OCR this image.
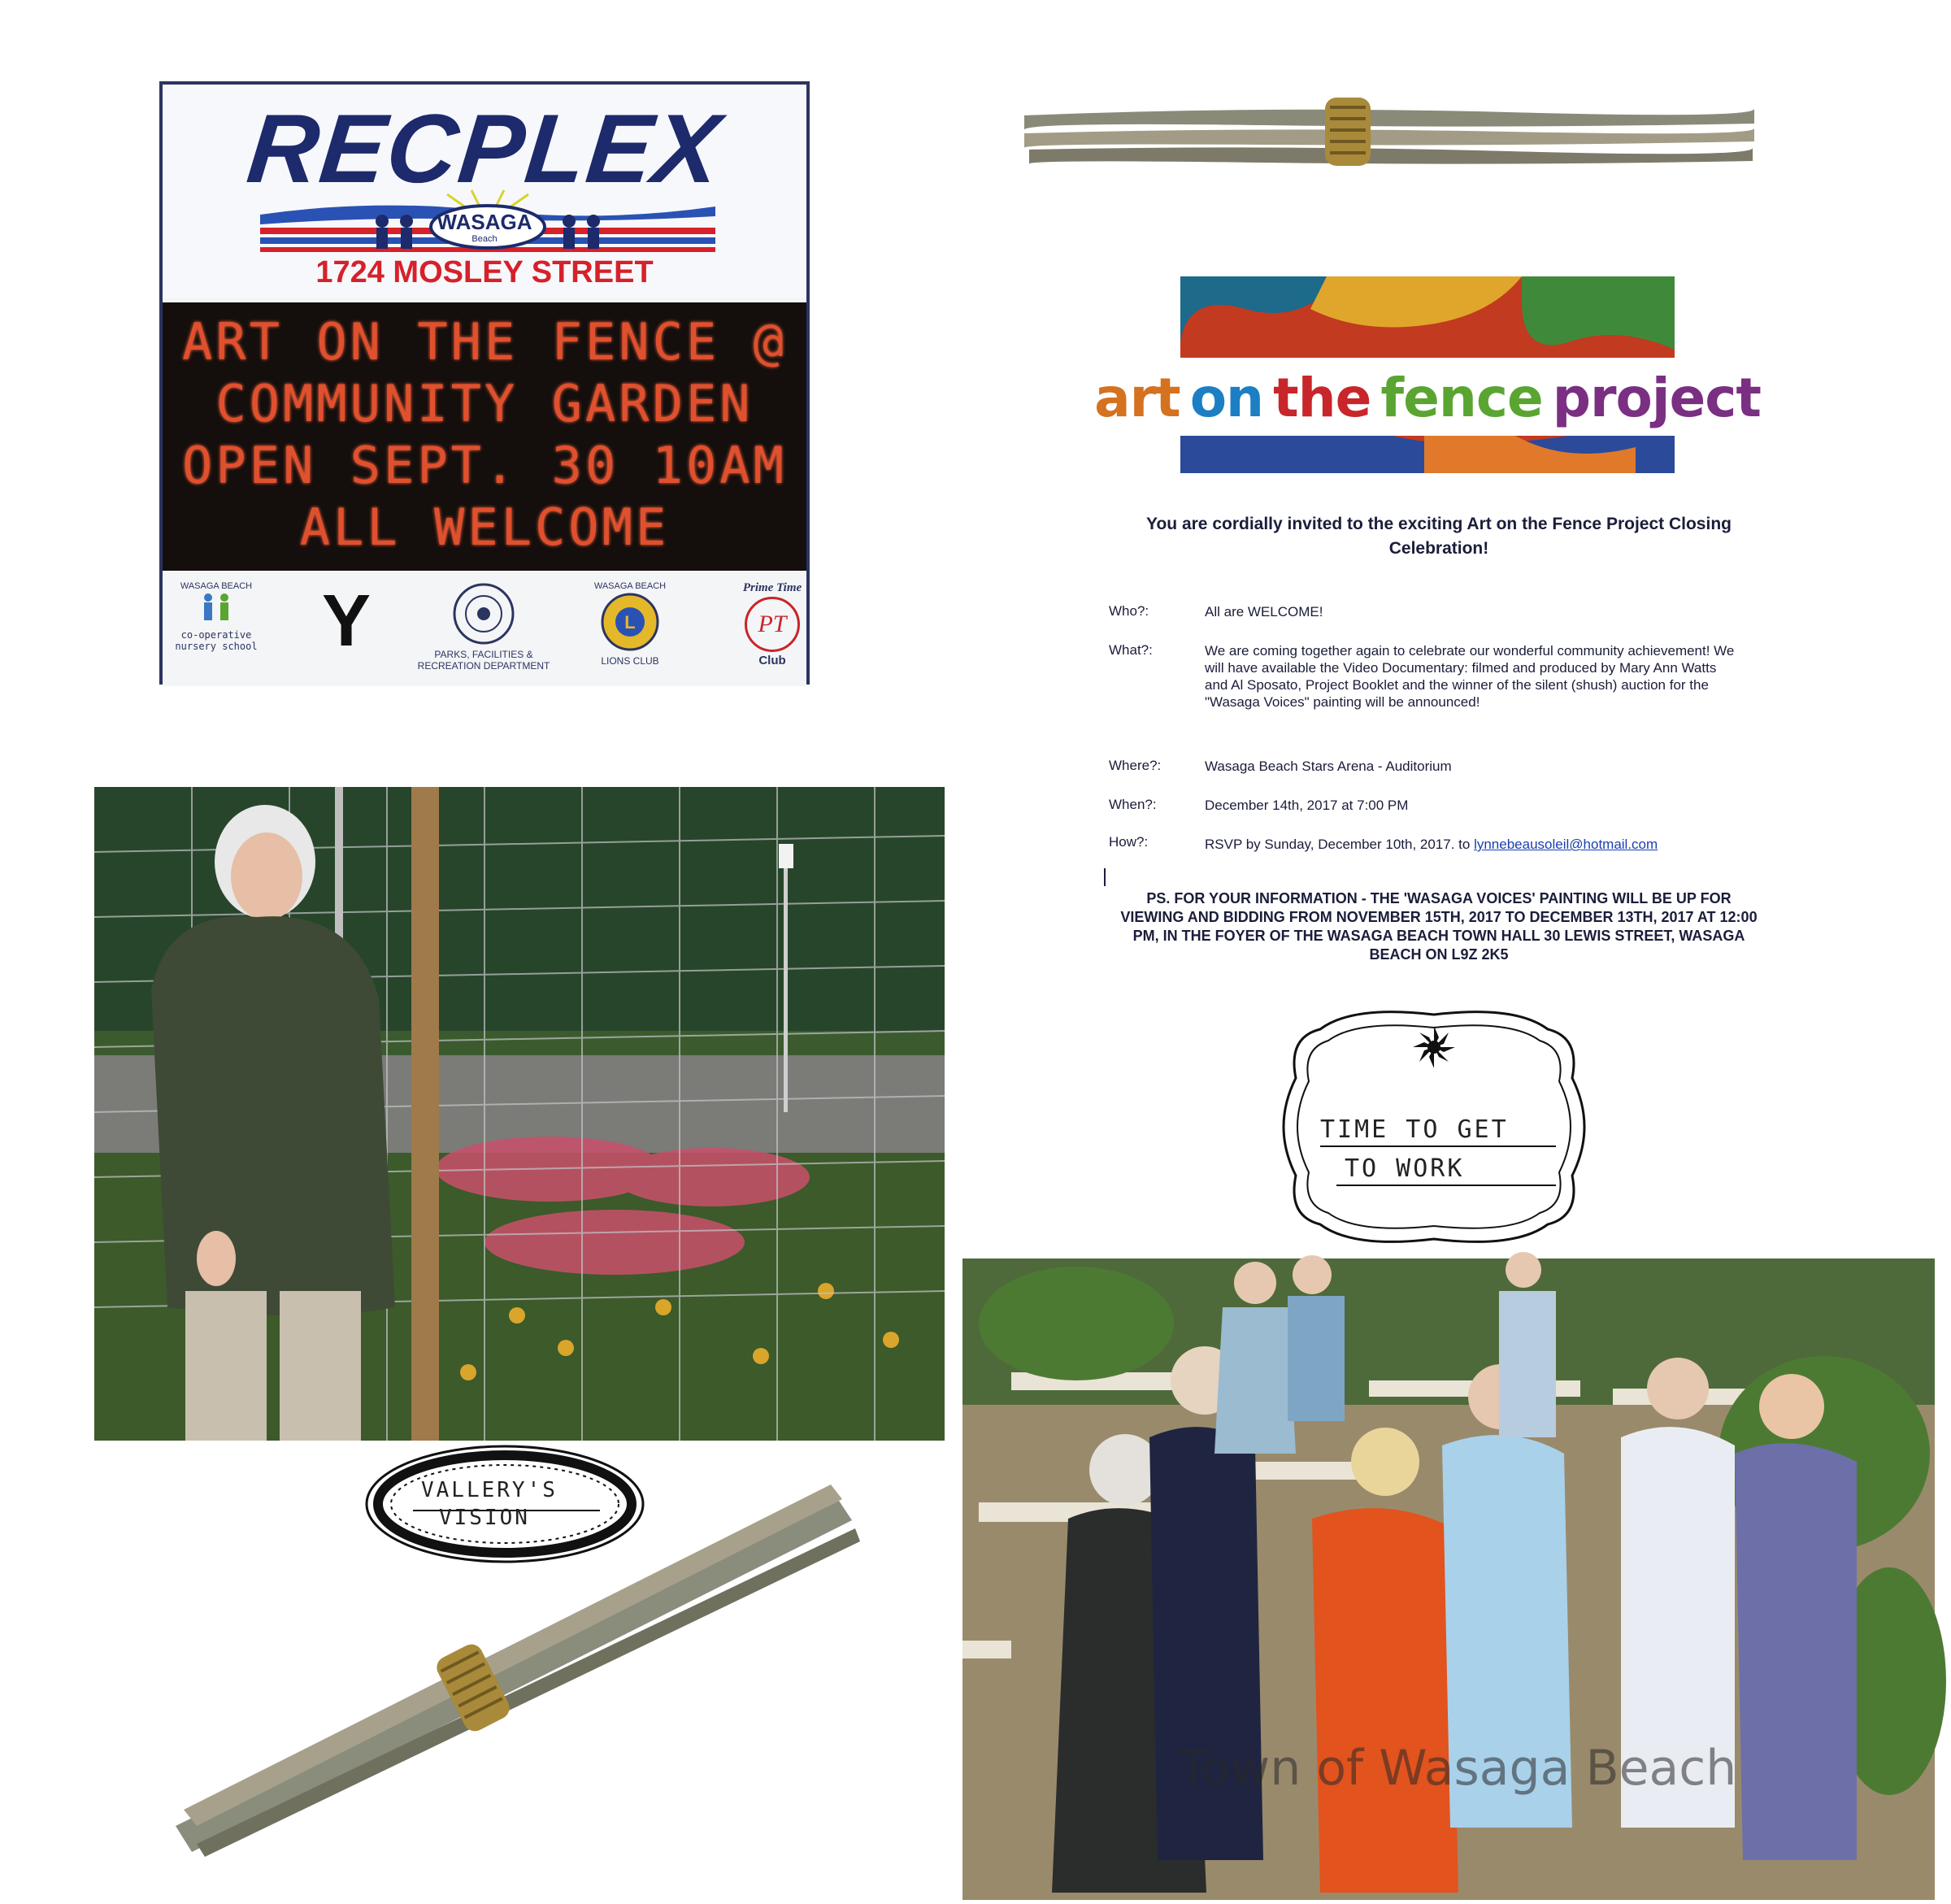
RECPLEX
WASAGA
Beach
1724 MOSLEY STREET
ART ON THE FENCE @
COMMUNITY GARDEN
OPEN SEPT. 30 10AM
ALL WELCOME
WASAGA BEACH
co-operative nursery school Y	PARKS, FACILITIES & RECREATION DEPARTMENT
WASAGA BEACH
L
LIONS CLUB
Prime Time
PT
Club
art on the fence project
You are cordially invited to the exciting Art on the Fence Project Closing Celebration!
Who?:	All are WELCOME!
What?:	We are coming together again to celebrate our wonderful community achievement! We will have available the Video Documentary: filmed and produced by Mary Ann Watts and Al Sposato, Project Booklet and the winner of the silent (shush) auction for the "Wasaga Voices" painting will be announced!
Where?:	Wasaga Beach Stars Arena - Auditorium
When?:	December 14th, 2017 at 7:00 PM
How?:	RSVP by Sunday, December 10th, 2017. to lynnebeausoleil@hotmail.com
PS. FOR YOUR INFORMATION - THE 'WASAGA VOICES' PAINTING WILL BE UP FOR VIEWING AND BIDDING FROM NOVEMBER 15TH, 2017 TO DECEMBER 13TH, 2017 AT 12:00 PM, IN THE FOYER OF THE WASAGA BEACH TOWN HALL 30 LEWIS STREET, WASAGA BEACH ON L9Z 2K5
TIME TO GET
TO WORK
VALLERY'S
VISION
Town of Wasaga Beach
